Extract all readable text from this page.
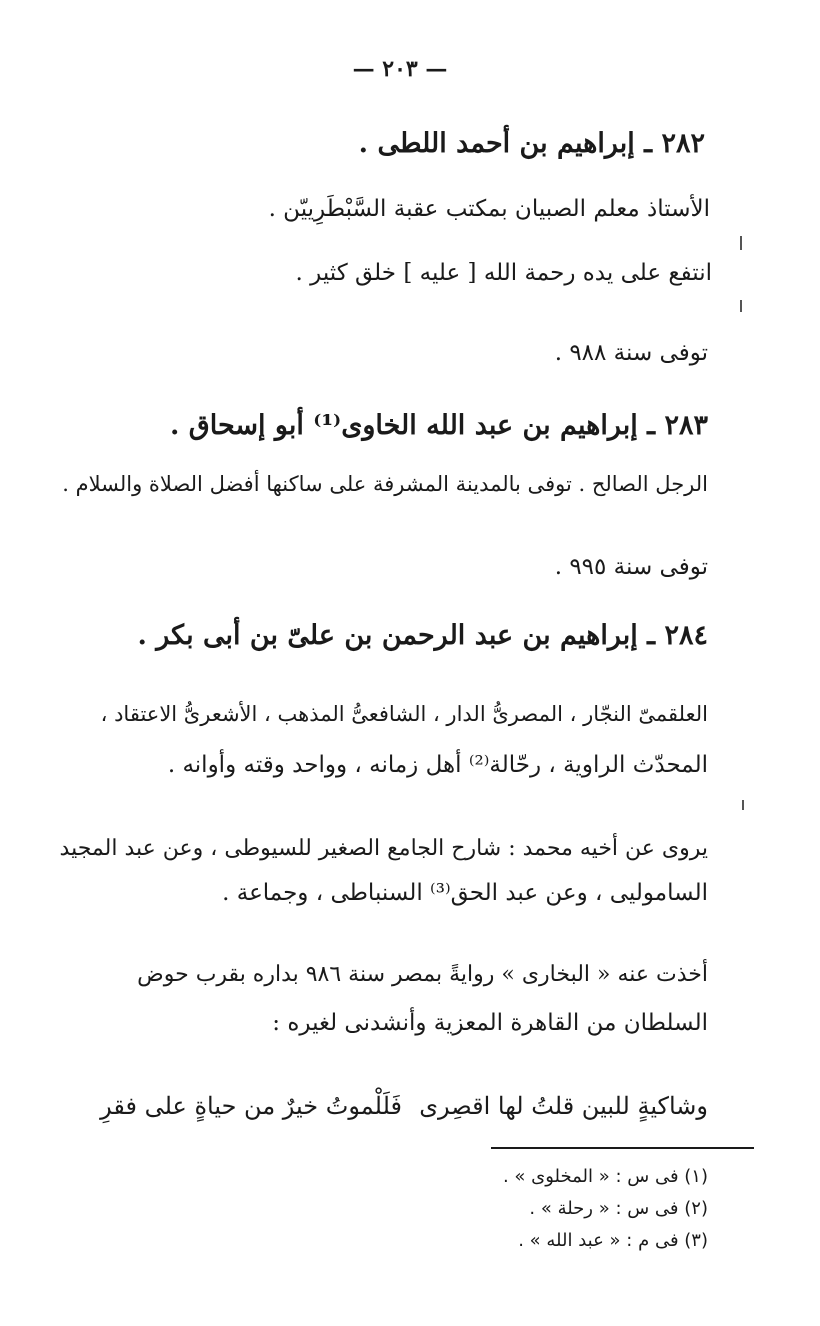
— ٢٠٣ —
٢٨٢ ـ إبراهيم بن أحمد اللطى .
الأستاذ معلم الصبيان بمكتب عقبة السَّبْطَرِييّن .
انتفع على يده رحمة الله [ عليه ] خلق كثير .
توفى سنة ٩٨٨ .
٢٨٣ ـ إبراهيم بن عبد الله الخاوى⁽¹⁾ أبو إسحاق .
الرجل الصالح . توفى بالمدينة المشرفة على ساكنها أفضل الصلاة والسلام .
توفى سنة ٩٩٥ .
٢٨٤ ـ إبراهيم بن عبد الرحمن بن علىّ بن أبى بكر .
العلقمىّ النجّار ، المصرىُّ الدار ، الشافعىُّ المذهب ، الأشعرىُّ الاعتقاد ،
المحدّث الراوية ، رحّالة⁽²⁾ أهل زمانه ، وواحد وقته وأوانه .
يروى عن أخيه محمد : شارح الجامع الصغير للسيوطى ، وعن عبد المجيد
الساموليى ، وعن عبد الحق⁽³⁾ السنباطى ، وجماعة .
أخذت عنه « البخارى » روايةً بمصر سنة ٩٨٦ بداره بقرب حوض
السلطان من القاهرة المعزية وأنشدنى لغيره :
وشاكيةٍ للبين قلتُ لها اقصِرى
فَلَلْموتُ خيرٌ من حياةٍ على فقرِ
(١) فى س : « المخلوى » .
(٢) فى س : « رحلة » .
(٣) فى م : « عبد الله » .
